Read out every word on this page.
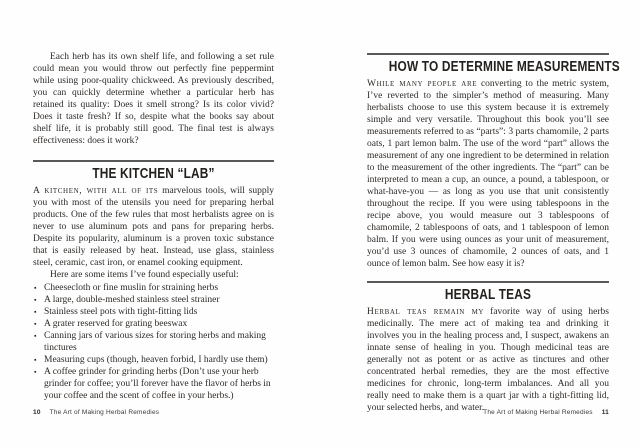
Each herb has its own shelf life, and following a set rule could mean you would throw out perfectly fine peppermint while using poor-quality chickweed. As previously described, you can quickly determine whether a particular herb has retained its quality: Does it smell strong? Is its color vivid? Does it taste fresh? If so, despite what the books say about shelf life, it is probably still good. The final test is always effectiveness: does it work?

THE KITCHEN “LAB”

A kitchen, with all of its marvelous tools, will supply you with most of the utensils you need for preparing herbal products. One of the few rules that most herbalists agree on is never to use aluminum pots and pans for preparing herbs. Despite its popularity, aluminum is a proven toxic substance that is easily released by heat. Instead, use glass, stainless steel, ceramic, cast iron, or enamel cooking equipment.

Here are some items I’ve found especially useful:

▪ Cheesecloth or fine muslin for straining herbs
▪ A large, double-meshed stainless steel strainer
▪ Stainless steel pots with tight-fitting lids
▪ A grater reserved for grating beeswax
▪ Canning jars of various sizes for storing herbs and making tinctures
▪ Measuring cups (though, heaven forbid, I hardly use them)
▪ A coffee grinder for grinding herbs (Don’t use your herb grinder for coffee; you’ll forever have the flavor of herbs in your coffee and the scent of coffee in your herbs.)
HOW TO DETERMINE MEASUREMENTS

While many people are converting to the metric system, I’ve reverted to the simpler’s method of measuring. Many herbalists choose to use this system because it is extremely simple and very versatile. Throughout this book you’ll see measurements referred to as “parts”: 3 parts chamomile, 2 parts oats, 1 part lemon balm. The use of the word “part” allows the measurement of any one ingredient to be determined in relation to the measurement of the other ingredients. The “part” can be interpreted to mean a cup, an ounce, a pound, a tablespoon, or what-have-you — as long as you use that unit consistently throughout the recipe. If you were using tablespoons in the recipe above, you would measure out 3 tablespoons of chamomile, 2 tablespoons of oats, and 1 tablespoon of lemon balm. If you were using ounces as your unit of measurement, you’d use 3 ounces of chamomile, 2 ounces of oats, and 1 ounce of lemon balm. See how easy it is?

HERBAL TEAS

Herbal teas remain my favorite way of using herbs medicinally. The mere act of making tea and drinking it involves you in the healing process and, I suspect, awakens an innate sense of healing in you. Though medicinal teas are generally not as potent or as active as tinctures and other concentrated herbal remedies, they are the most effective medicines for chronic, long-term imbalances. And all you really need to make them is a quart jar with a tight-fitting lid, your selected herbs, and water.

10 The Art of Making Herbal Remedies	The Art of Making Herbal Remedies 11
